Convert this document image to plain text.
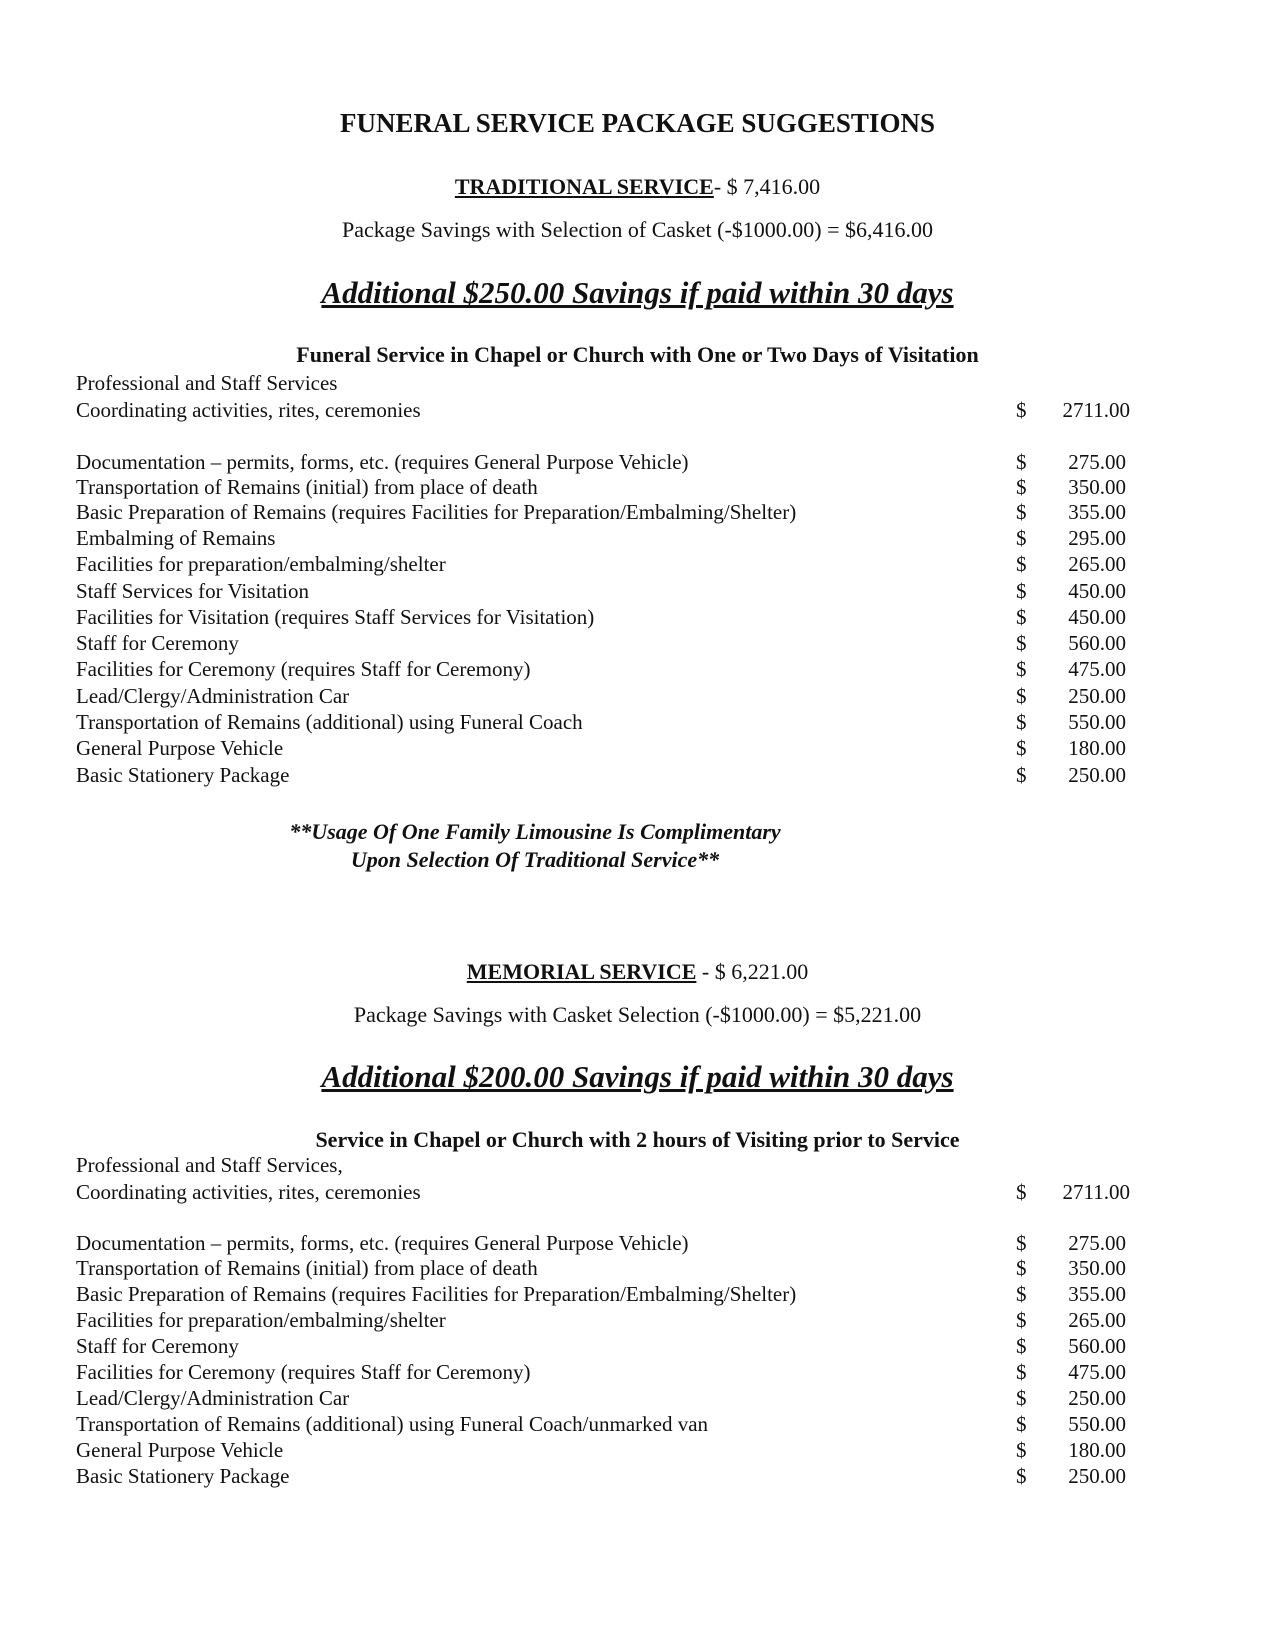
FUNERAL SERVICE PACKAGE SUGGESTIONS
TRADITIONAL SERVICE- $ 7,416.00
Package Savings with Selection of Casket (-$1000.00) = $6,416.00
Additional $250.00 Savings if paid within 30 days
Funeral Service in Chapel or Church with One or Two Days of Visitation
Professional and Staff Services
Coordinating activities, rites, ceremonies	$	2711.00
Documentation – permits, forms, etc. (requires General Purpose Vehicle)	$	275.00
Transportation of Remains (initial) from place of death	$	350.00
Basic Preparation of Remains (requires Facilities for Preparation/Embalming/Shelter)	$	355.00
Embalming of Remains	$	295.00
Facilities for preparation/embalming/shelter	$	265.00
Staff Services for Visitation	$	450.00
Facilities for Visitation (requires Staff Services for Visitation)	$	450.00
Staff for Ceremony	$	560.00
Facilities for Ceremony (requires Staff for Ceremony)	$	475.00
Lead/Clergy/Administration Car	$	250.00
Transportation of Remains (additional) using Funeral Coach	$	550.00
General Purpose Vehicle	$	180.00
Basic Stationery Package	$	250.00
**Usage Of One Family Limousine Is Complimentary
Upon Selection Of Traditional Service**
MEMORIAL SERVICE - $ 6,221.00
Package Savings with Casket Selection (-$1000.00) = $5,221.00
Additional $200.00 Savings if paid within 30 days
Service in Chapel or Church with 2 hours of Visiting prior to Service
Professional and Staff Services,
Coordinating activities, rites, ceremonies	$	2711.00
Documentation – permits, forms, etc. (requires General Purpose Vehicle)	$	275.00
Transportation of Remains (initial) from place of death	$	350.00
Basic Preparation of Remains (requires Facilities for Preparation/Embalming/Shelter)	$	355.00
Facilities for preparation/embalming/shelter	$	265.00
Staff for Ceremony	$	560.00
Facilities for Ceremony (requires Staff for Ceremony)	$	475.00
Lead/Clergy/Administration Car	$	250.00
Transportation of Remains (additional) using Funeral Coach/unmarked van	$	550.00
General Purpose Vehicle	$	180.00
Basic Stationery Package	$	250.00
